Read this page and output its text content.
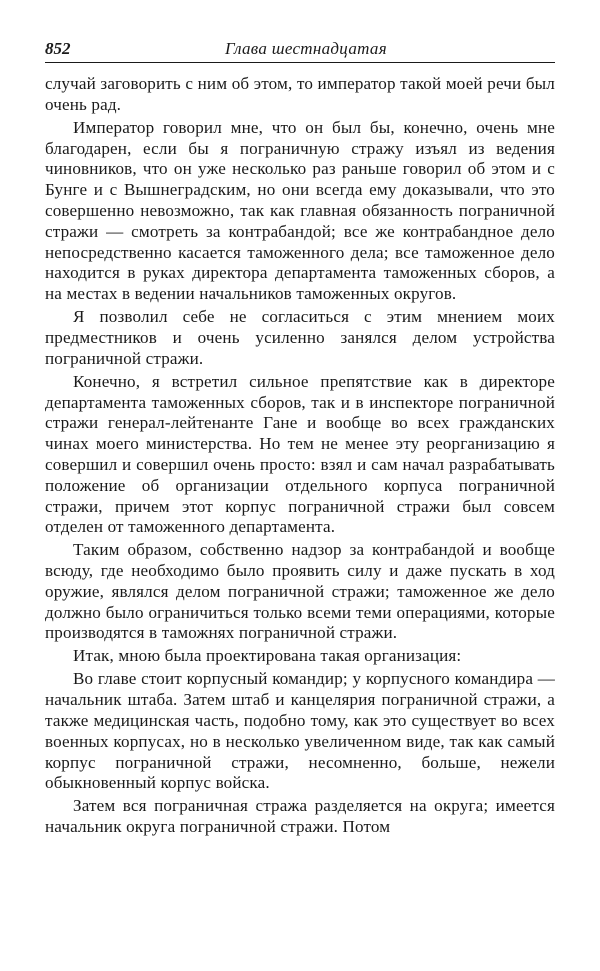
852	Глава шестнадцатая

случай заговорить с ним об этом, то император такой моей речи был очень рад.

Император говорил мне, что он был бы, конечно, очень мне благодарен, если бы я пограничную стражу изъял из ведения чиновников, что он уже несколько раз раньше говорил об этом и с Бунге и с Вышнеградским, но они всегда ему доказывали, что это совершенно невозможно, так как главная обязанность пограничной стражи — смотреть за контрабандой; все же контрабандное дело непосредственно касается таможенного дела; все таможенное дело находится в руках директора департамента таможенных сборов, а на местах в ведении начальников таможенных округов.

Я позволил себе не согласиться с этим мнением моих предместников и очень усиленно занялся делом устройства пограничной стражи.

Конечно, я встретил сильное препятствие как в директоре департамента таможенных сборов, так и в инспекторе пограничной стражи генерал-лейтенанте Гане и вообще во всех гражданских чинах моего министерства. Но тем не менее эту реорганизацию я совершил и совершил очень просто: взял и сам начал разрабатывать положение об организации отдельного корпуса пограничной стражи, причем этот корпус пограничной стражи был совсем отделен от таможенного департамента.

Таким образом, собственно надзор за контрабандой и вообще всюду, где необходимо было проявить силу и даже пускать в ход оружие, являлся делом пограничной стражи; таможенное же дело должно было ограничиться только всеми теми операциями, которые производятся в таможнях пограничной стражи.

Итак, мною была проектирована такая организация:

Во главе стоит корпусный командир; у корпусного командира — начальник штаба. Затем штаб и канцелярия пограничной стражи, а также медицинская часть, подобно тому, как это существует во всех военных корпусах, но в несколько увеличенном виде, так как самый корпус пограничной стражи, несомненно, больше, нежели обыкновенный корпус войска.

Затем вся пограничная стража разделяется на округа; имеется начальник округа пограничной стражи. Потом
